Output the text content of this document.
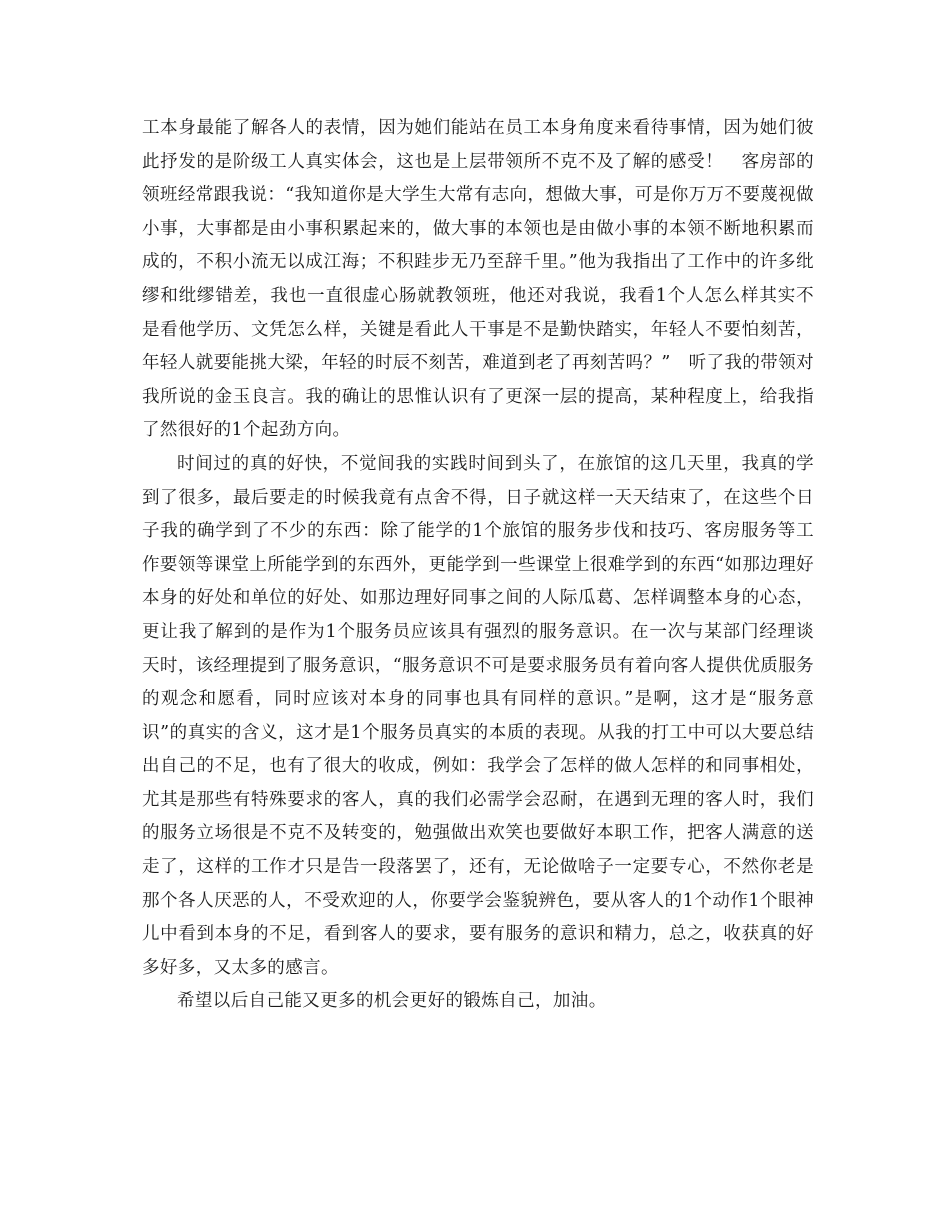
工本身最能了解各人的表情，因为她们能站在员工本身角度来看待事情，因为她们彼此抒发的是阶级工人真实体会，这也是上层带领所不克不及了解的感受！　客房部的领班经常跟我说：“我知道你是大学生大常有志向，想做大事，可是你万万不要蔑视做小事，大事都是由小事积累起来的，做大事的本领也是由做小事的本领不断地积累而成的，不积小流无以成江海；不积跬步无乃至辞千里。”他为我指出了工作中的许多纰缪和纰缪错差，我也一直很虚心肠就教领班，他还对我说，我看1个人怎么样其实不是看他学历、文凭怎么样，关键是看此人干事是不是勤快踏实，年轻人不要怕刻苦，年轻人就要能挑大梁，年轻的时辰不刻苦，难道到老了再刻苦吗？”　听了我的带领对我所说的金玉良言。我的确让的思惟认识有了更深一层的提高，某种程度上，给我指了然很好的1个起劲方向。

时间过的真的好快，不觉间我的实践时间到头了，在旅馆的这几天里，我真的学到了很多，最后要走的时候我竟有点舍不得，日子就这样一天天结束了，在这些个日子我的确学到了不少的东西：除了能学的1个旅馆的服务步伐和技巧、客房服务等工作要领等课堂上所能学到的东西外，更能学到一些课堂上很难学到的东西“如那边理好本身的好处和单位的好处、如那边理好同事之间的人际瓜葛、怎样调整本身的心态，更让我了解到的是作为1个服务员应该具有强烈的服务意识。在一次与某部门经理谈天时，该经理提到了服务意识，“服务意识不可是要求服务员有着向客人提供优质服务的观念和愿看，同时应该对本身的同事也具有同样的意识。”是啊，这才是“服务意识”的真实的含义，这才是1个服务员真实的本质的表现。从我的打工中可以大要总结出自己的不足，也有了很大的收成，例如：我学会了怎样的做人怎样的和同事相处，尤其是那些有特殊要求的客人，真的我们必需学会忍耐，在遇到无理的客人时，我们的服务立场很是不克不及转变的，勉强做出欢笑也要做好本职工作，把客人满意的送走了，这样的工作才只是告一段落罢了，还有，无论做啥子一定要专心，不然你老是那个各人厌恶的人，不受欢迎的人，你要学会鉴貌辨色，要从客人的1个动作1个眼神儿中看到本身的不足，看到客人的要求，要有服务的意识和精力，总之，收获真的好多好多，又太多的感言。

希望以后自己能又更多的机会更好的锻炼自己，加油。
